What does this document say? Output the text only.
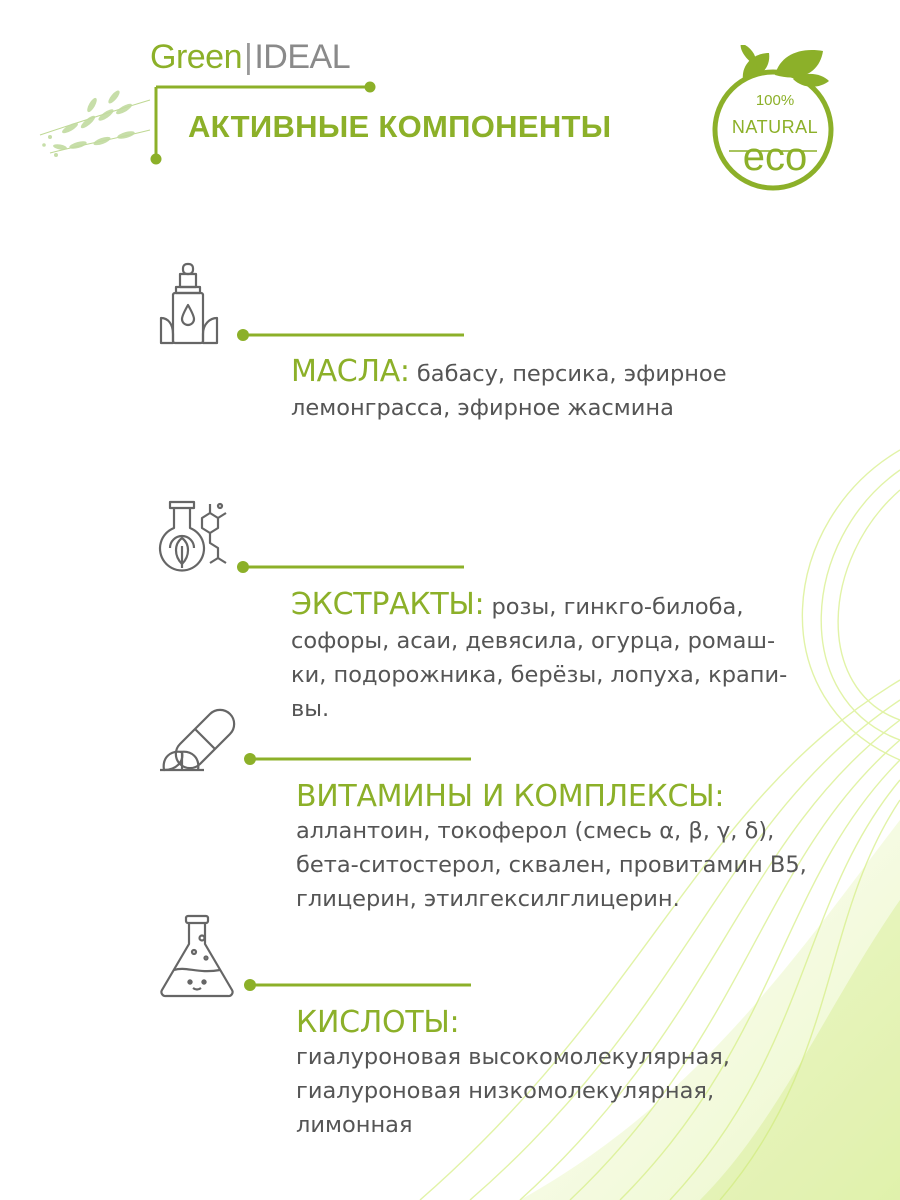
Green|IDEAL
АКТИВНЫЕ КОМПОНЕНТЫ
100%
NATURAL
eco
МАСЛА: бабасу, персика, эфирное
лемонграсса, эфирное жасмина
ЭКСТРАКТЫ: розы, гинкго-билоба,
софоры, асаи, девясила, огурца, ромаш-
ки, подорожника, берёзы, лопуха, крапи-
вы.
ВИТАМИНЫ И КОМПЛЕКСЫ:
аллантоин, токоферол (смесь α, β, γ, δ),
бета-ситостерол, сквален, провитамин B5,
глицерин, этилгексилглицерин.
КИСЛОТЫ:
гиалуроновая высокомолекулярная,
гиалуроновая низкомолекулярная,
лимонная
